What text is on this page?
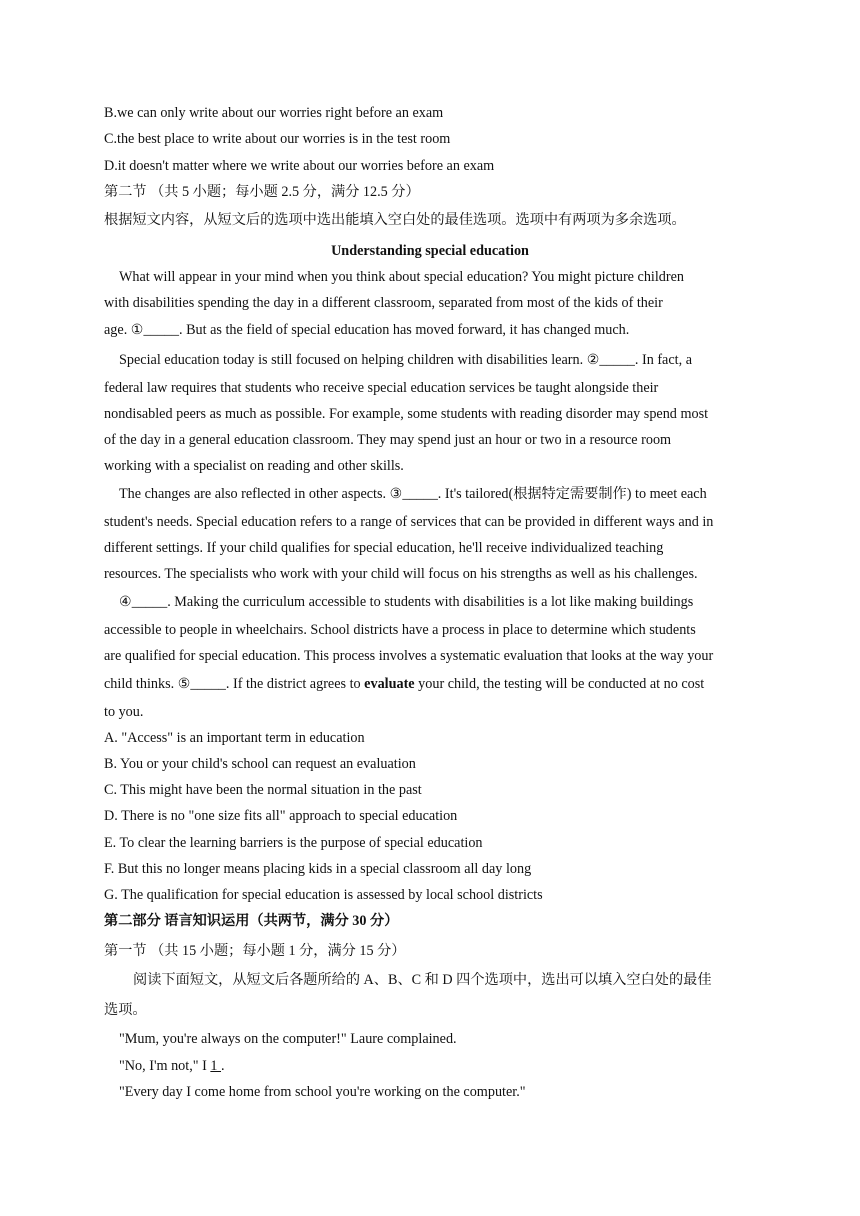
B.we can only write about our worries right before an exam
C.the best place to write about our worries is in the test room
D.it doesn't matter where we write about our worries before an exam
第二节 （共 5 小题；每小题 2.5 分，满分 12.5 分）
根据短文内容，从短文后的选项中选出能填入空白处的最佳选项。选项中有两项为多余选项。
Understanding special education
What will appear in your mind when you think about special education? You might picture children
with disabilities spending the day in a different classroom, separated from most of the kids of their
age. ①_____. But as the field of special education has moved forward, it has changed much.
Special education today is still focused on helping children with disabilities learn. ②_____. In fact, a
federal law requires that students who receive special education services be taught alongside their
nondisabled peers as much as possible. For example, some students with reading disorder may spend most
of the day in a general education classroom. They may spend just an hour or two in a resource room
working with a specialist on reading and other skills.
The changes are also reflected in other aspects. ③_____. It's tailored(根据特定需要制作) to meet each
student's needs. Special education refers to a range of services that can be provided in different ways and in
different settings. If your child qualifies for special education, he'll receive individualized teaching
resources. The specialists who work with your child will focus on his strengths as well as his challenges.
④_____. Making the curriculum accessible to students with disabilities is a lot like making buildings
accessible to people in wheelchairs. School districts have a process in place to determine which students
are qualified for special education. This process involves a systematic evaluation that looks at the way your
child thinks. ⑤_____. If the district agrees to evaluate your child, the testing will be conducted at no cost
to you.
A. "Access" is an important term in education
B. You or your child's school can request an evaluation
C. This might have been the normal situation in the past
D. There is no "one size fits all" approach to special education
E. To clear the learning barriers is the purpose of special education
F. But this no longer means placing kids in a special classroom all day long
G. The qualification for special education is assessed by local school districts
第二部分 语言知识运用（共两节，满分 30 分）
第一节 （共 15 小题；每小题 1 分，满分 15 分）
阅读下面短文，从短文后各题所给的 A、B、C 和 D 四个选项中，选出可以填入空白处的最佳
选项。
"Mum, you're always on the computer!" Laure complained.
"No, I'm not," I 1 .
"Every day I come home from school you're working on the computer."
